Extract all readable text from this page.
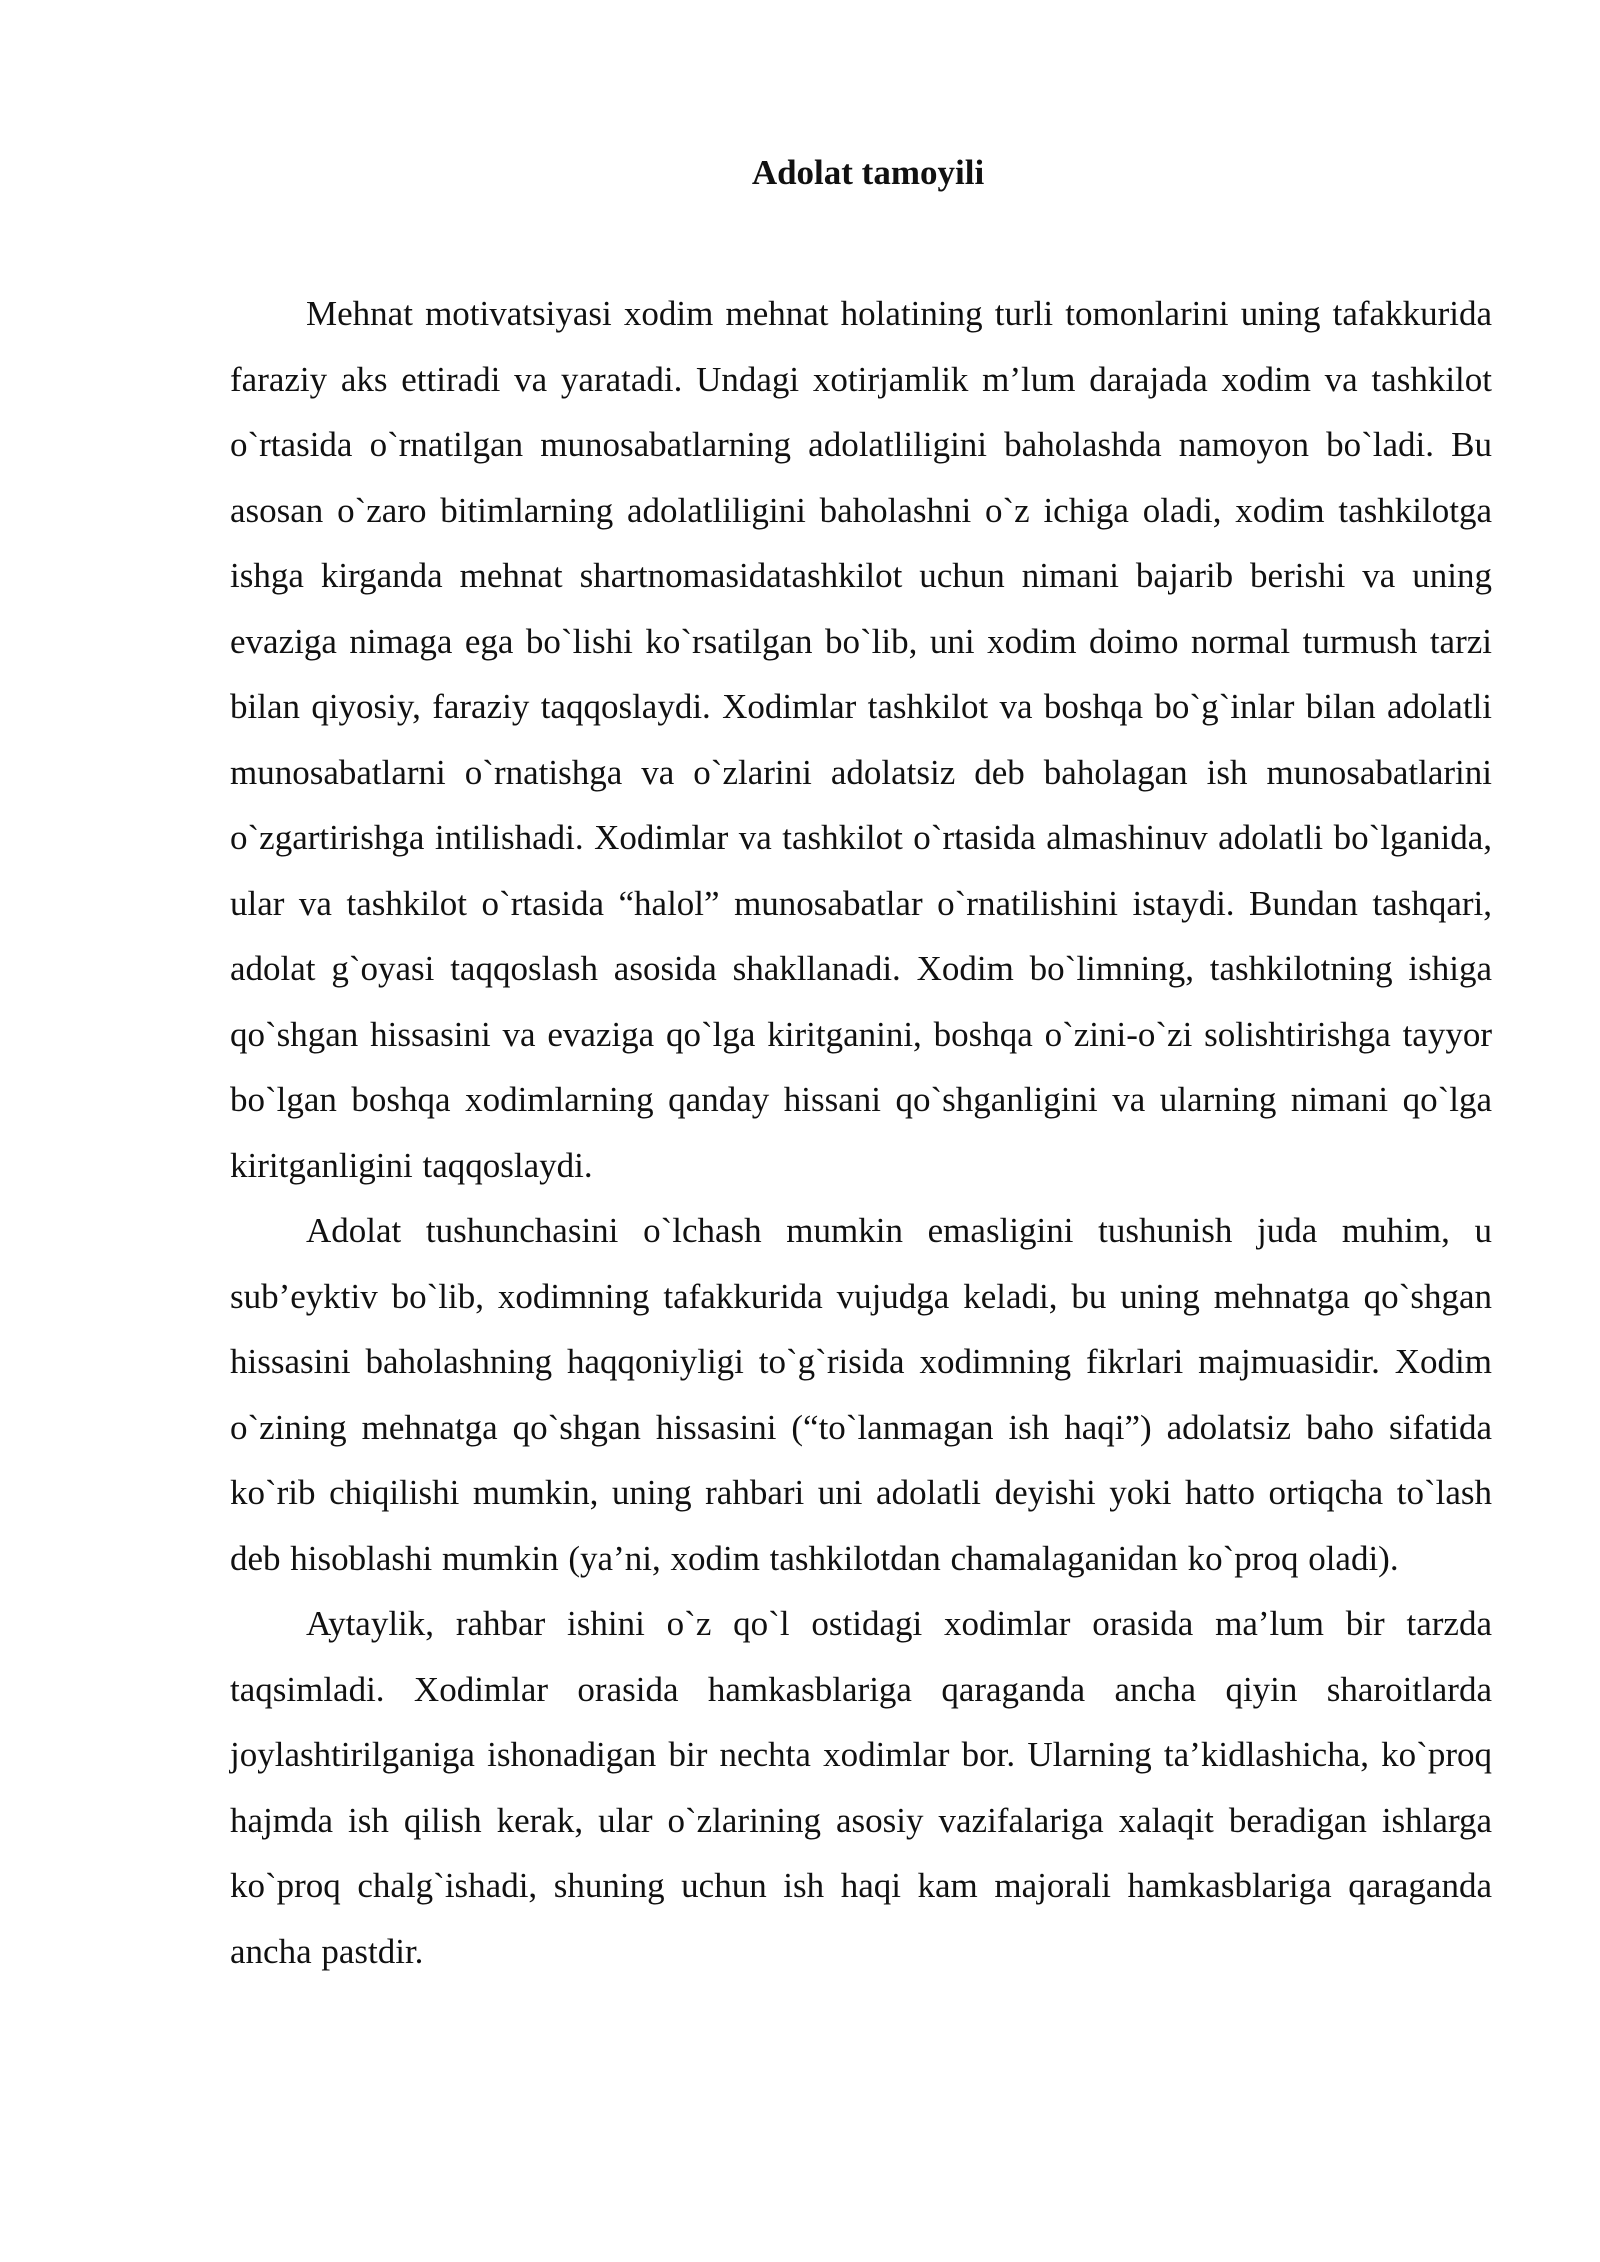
Adolat tamoyili

Mehnat motivatsiyasi xodim mehnat holatining turli tomonlarini uning tafakkurida faraziy aks ettiradi va yaratadi. Undagi xotirjamlik m’lum darajada xodim va tashkilot o`rtasida o`rnatilgan munosabatlarning adolatliligini baholashda namoyon bo`ladi. Bu asosan o`zaro bitimlarning adolatliligini baholashni o`z ichiga oladi, xodim tashkilotga ishga kirganda mehnat shartnomasidatashkilot uchun nimani bajarib berishi va uning evaziga nimaga ega bo`lishi ko`rsatilgan bo`lib, uni xodim doimo normal turmush tarzi bilan qiyosiy, faraziy taqqoslaydi. Xodimlar tashkilot va boshqa bo`g`inlar bilan adolatli munosabatlarni o`rnatishga va o`zlarini adolatsiz deb baholagan ish munosabatlarini o`zgartirishga intilishadi. Xodimlar va tashkilot o`rtasida almashinuv adolatli bo`lganida, ular va tashkilot o`rtasida “halol” munosabatlar o`rnatilishini istaydi. Bundan tashqari, adolat g`oyasi taqqoslash asosida shakllanadi. Xodim bo`limning, tashkilotning ishiga qo`shgan hissasini va evaziga qo`lga kiritganini, boshqa o`zini-o`zi solishtirishga tayyor bo`lgan boshqa xodimlarning qanday hissani qo`shganligini va ularning nimani qo`lga kiritganligini taqqoslaydi.

Adolat tushunchasini o`lchash mumkin emasligini tushunish juda muhim, u sub’eyktiv bo`lib, xodimning tafakkurida vujudga keladi, bu uning mehnatga qo`shgan hissasini baholashning haqqoniyligi to`g`risida xodimning fikrlari majmuasidir. Xodim o`zining mehnatga qo`shgan hissasini (“to`lanmagan ish haqi”) adolatsiz baho sifatida ko`rib chiqilishi mumkin, uning rahbari uni adolatli deyishi yoki hatto ortiqcha to`lash deb hisoblashi mumkin (ya’ni, xodim tashkilotdan chamalaganidan ko`proq oladi).

Aytaylik, rahbar ishini o`z qo`l ostidagi xodimlar orasida ma’lum bir tarzda taqsimladi. Xodimlar orasida hamkasblariga qaraganda ancha qiyin sharoitlarda joylashtirilganiga ishonadigan bir nechta xodimlar bor. Ularning ta’kidlashicha, ko`proq hajmda ish qilish kerak, ular o`zlarining asosiy vazifalariga xalaqit beradigan ishlarga ko`proq chalg`ishadi, shuning uchun ish haqi kam majorali hamkasblariga qaraganda ancha pastdir.
